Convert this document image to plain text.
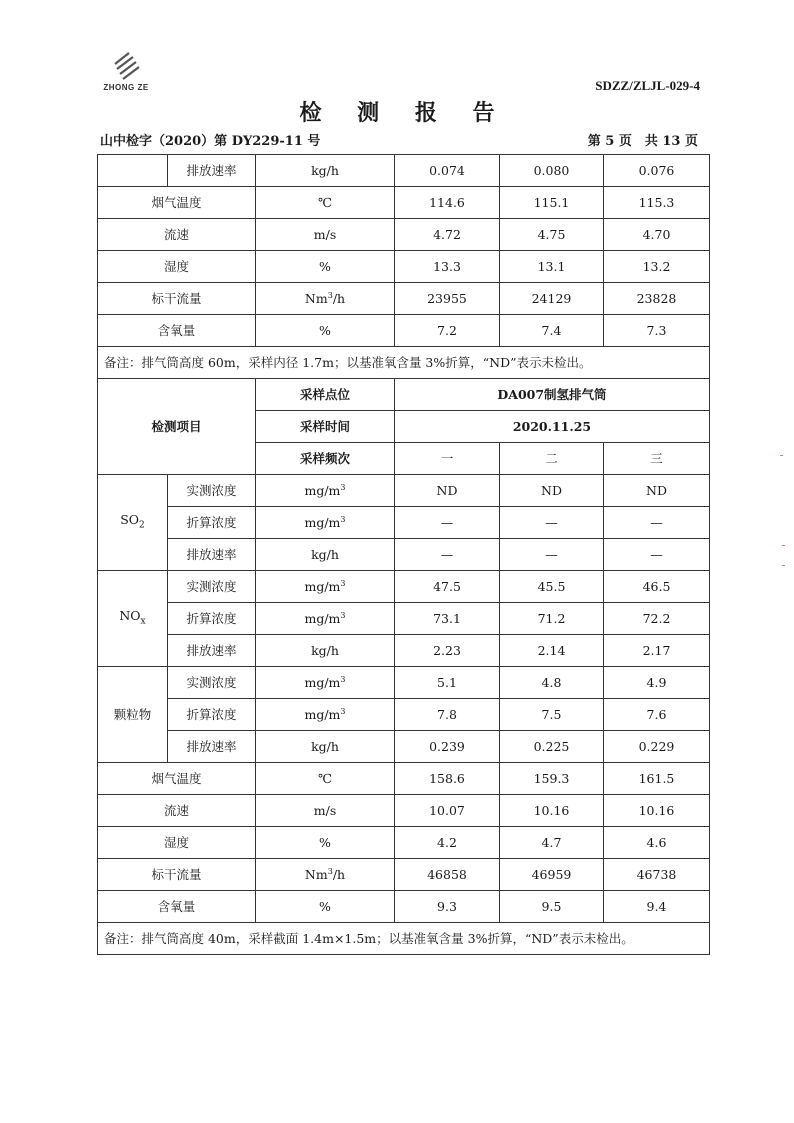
ZHONG ZE	SDZZ/ZLJL-029-4
检 测 报 告
山中检字（2020）第 DY229-11 号	第 5 页　共 13 页
	排放速率	kg/h	0.074	0.080	0.076
烟气温度		℃	114.6	115.1	115.3
流速		m/s	4.72	4.75	4.70
湿度		%	13.3	13.1	13.2
标干流量		Nm$^3$/h	23955	24129	23828
含氧量		%	7.2	7.4	7.3
备注：排气筒高度 60m，采样内径 1.7m；以基准氧含量 3%折算，“ND”表示未检出。					
检测项目		采样点位	DA007制氢排气筒		
		采样时间	2020.11.25		
		采样频次	一	二	三
$SO_2$	实测浓度	$mg/m^3$	ND	ND	ND
	折算浓度	$mg/m^3$	—	—	—
	排放速率	kg/h	—	—	—
$NO_x$	实测浓度	$mg/m^3$	47.5	45.5	46.5
	折算浓度	$mg/m^3$	73.1	71.2	72.2
	排放速率	kg/h	2.23	2.14	2.17
颗粒物	实测浓度	$mg/m^3$	5.1	4.8	4.9
	折算浓度	$mg/m^3$	7.8	7.5	7.6
	排放速率	kg/h	0.239	0.225	0.229
烟气温度		℃	158.6	159.3	161.5
流速		m/s	10.07	10.16	10.16
湿度		%	4.2	4.7	4.6
标干流量		Nm$^3$/h	46858	46959	46738
含氧量		%	9.3	9.5	9.4
备注：排气筒高度 40m，采样截面 1.4m×1.5m；以基准氧含量 3%折算，“ND”表示未检出。					
